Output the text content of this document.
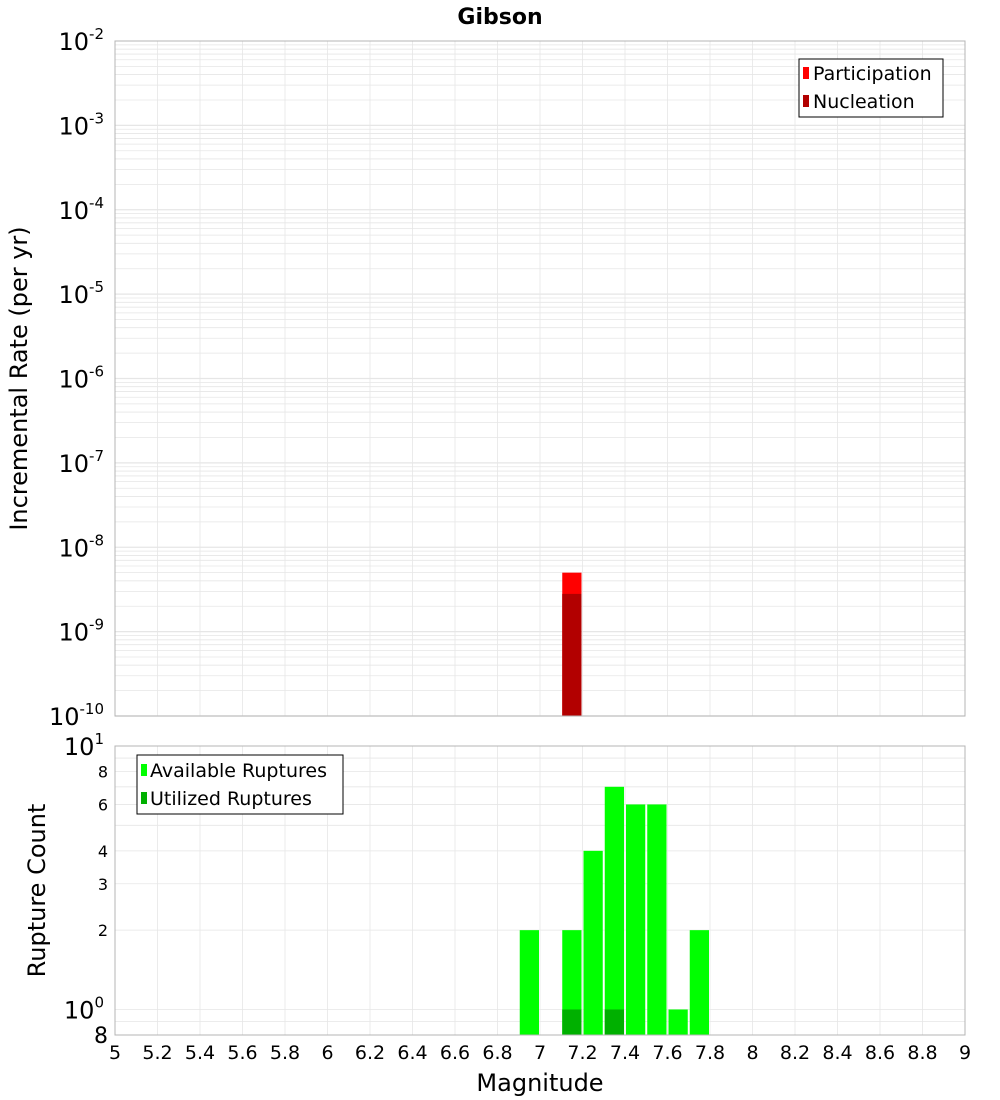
Gibson
$10^{-10}$
$10^{-9}$
$10^{-8}$
$10^{-7}$
$10^{-6}$
$10^{-5}$
$10^{-4}$
$10^{-3}$
$10^{-2}$
Incremental Rate (per yr)
Participation
Nucleation
$10^0$
$10^1$
8
2
3
4
6
8
5 5.2 5.4 5.6 5.8 6 6.2 6.4 6.6 6.8 7 7.2 7.4 7.6 7.8 8 8.2 8.4 8.6 8.8 9
Magnitude
Rupture Count
Available Ruptures
Utilized Ruptures
